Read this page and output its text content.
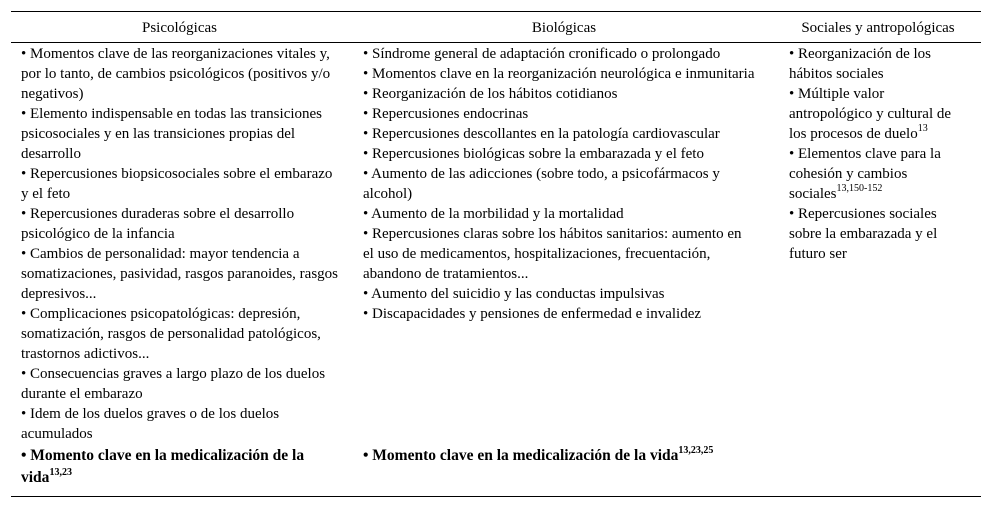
Psicológicas	Biológicas	Sociales y antropológicas

• Momentos clave de las reorganizaciones vitales y, por lo tanto, de cambios psicológicos (positivos y/o negativos)

• Elemento indispensable en todas las transiciones psicosociales y en las transiciones propias del desarrollo

• Repercusiones biopsicosociales sobre el embarazo y el feto

• Repercusiones duraderas sobre el desarrollo psicológico de la infancia

• Cambios de personalidad: mayor tendencia a somatizaciones, pasividad, rasgos paranoides, rasgos depresivos...

• Complicaciones psicopatológicas: depresión, somatización, rasgos de personalidad patológicos, trastornos adictivos...

• Consecuencias graves a largo plazo de los duelos durante el embarazo

• Idem de los duelos graves o de los duelos acumulados

• Síndrome general de adaptación cronificado o prolongado

• Momentos clave en la reorganización neurológica e inmunitaria

• Reorganización de los hábitos cotidianos

• Repercusiones endocrinas

• Repercusiones descollantes en la patología cardiovascular

• Repercusiones biológicas sobre la embarazada y el feto

• Aumento de las adicciones (sobre todo, a psicofármacos y alcohol)

• Aumento de la morbilidad y la mortalidad

• Repercusiones claras sobre los hábitos sanitarios: aumento en el uso de medicamentos, hospitalizaciones, frecuentación, abandono de tratamientos...

• Aumento del suicidio y las conductas impulsivas

• Discapacidades y pensiones de enfermedad e invalidez

• Reorganización de los hábitos sociales

• Múltiple valor antropológico y cultural de los procesos de duelo$^{13}$

• Elementos clave para la cohesión y cambios sociales$^{13,150-152}$

• Repercusiones sociales sobre la embarazada y el futuro ser

• Momento clave en la medicalización de la vida$^{13,23}$
• Momento clave en la medicalización de la vida$^{13,23,25}$
